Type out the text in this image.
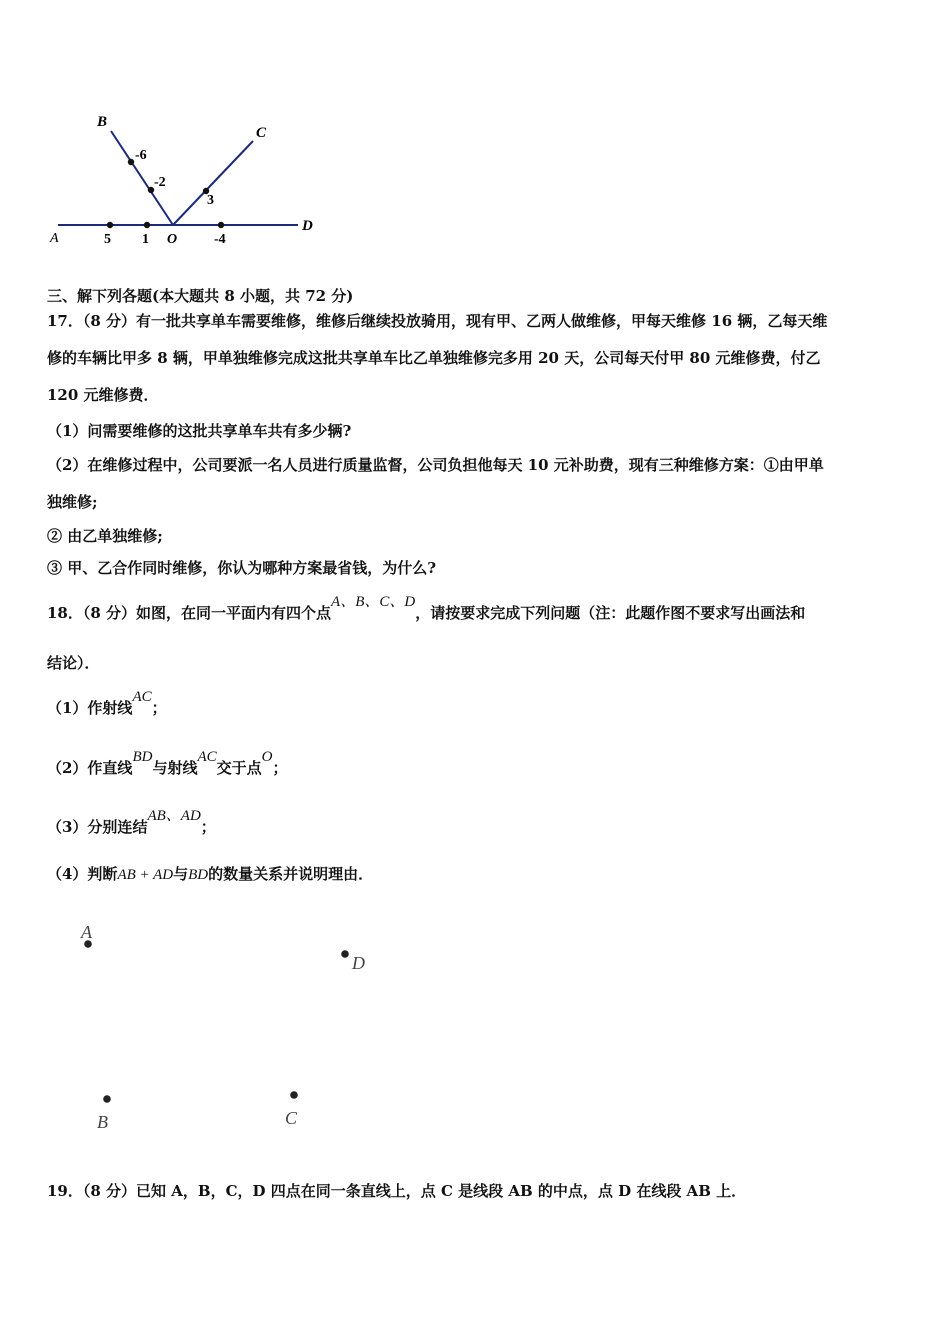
B
C
D
A	O
-6
-2
3
5 1	-4
三、解下列各题(本大题共 8 小题，共 72 分)
17．（8 分）有一批共享单车需要维修，维修后继续投放骑用，现有甲、乙两人做维修，甲每天维修 16 辆，乙每天维
修的车辆比甲多 8 辆，甲单独维修完成这批共享单车比乙单独维修完多用 20 天，公司每天付甲 80 元维修费，付乙
120 元维修费．
（1）问需要维修的这批共享单车共有多少辆?
（2）在维修过程中，公司要派一名人员进行质量监督，公司负担他每天 10 元补助费，现有三种维修方案：①由甲单
独维修;
② 由乙单独维修;
③ 甲、乙合作同时维修，你认为哪种方案最省钱，为什么?
18．（8 分）如图，在同一平面内有四个点A、B、C、D，请按要求完成下列问题（注：此题作图不要求写出画法和
结论）．
（1）作射线AC；
（2）作直线BD与射线AC交于点O；
（3）分别连结AB、AD；
（4）判断AB + AD与BD的数量关系并说明理由．
A
D
B	C
19．（8 分）已知 A，B，C，D 四点在同一条直线上，点 C 是线段 AB 的中点，点 D 在线段 AB 上．
